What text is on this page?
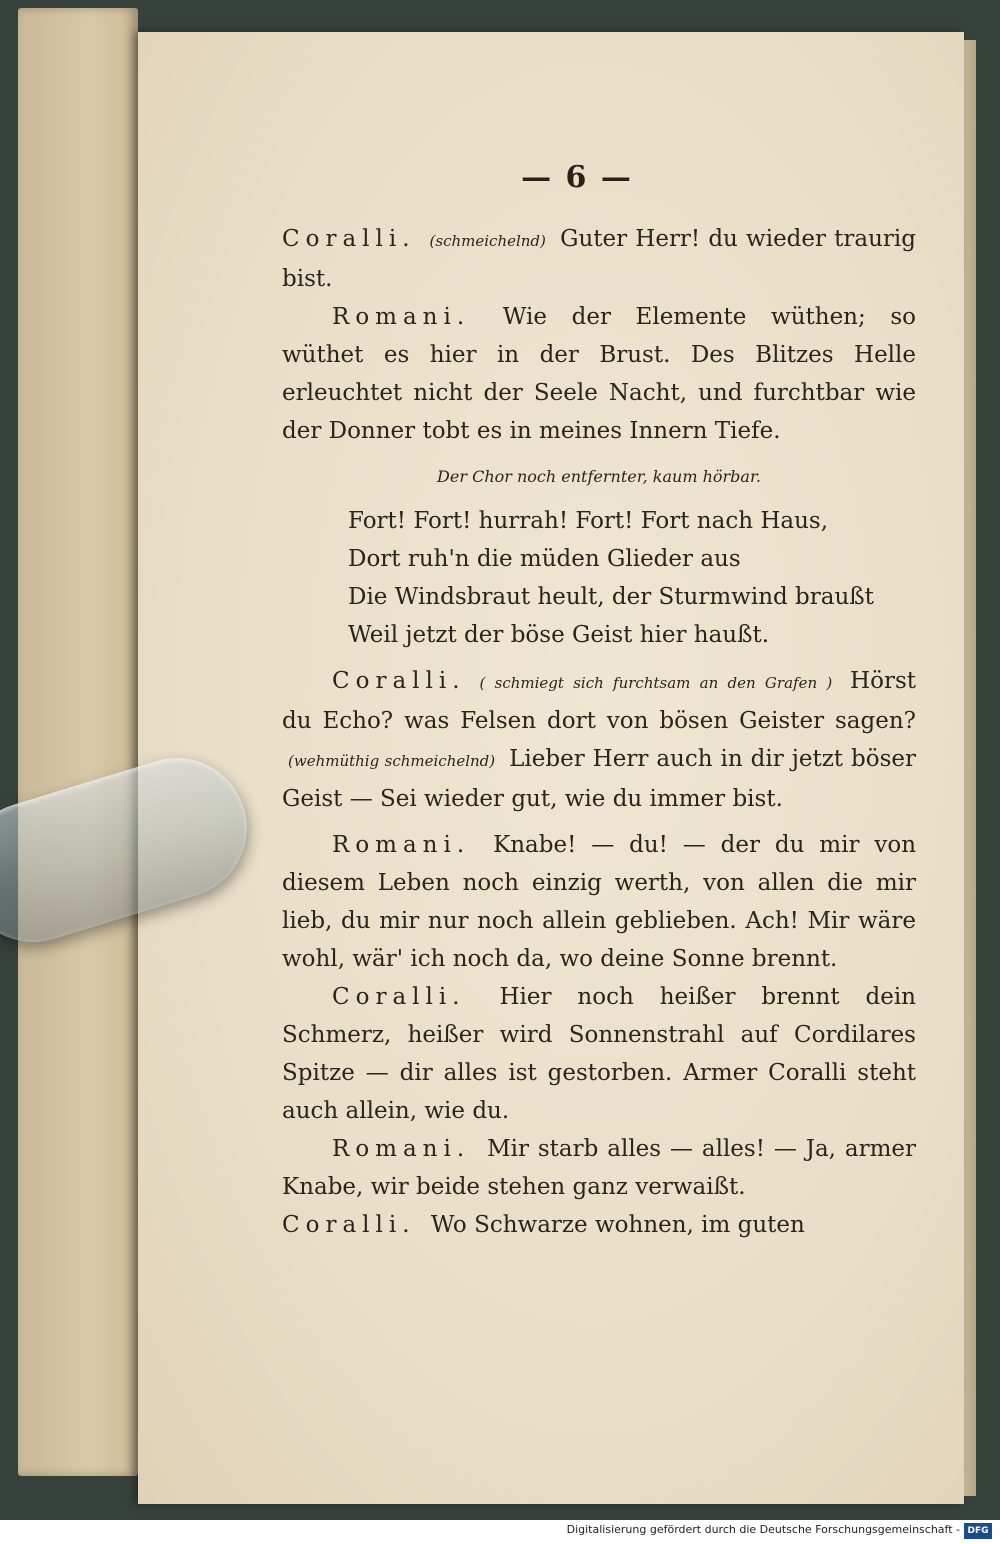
— 6 —

Coralli. (schmeichelnd) Guter Herr! du wieder traurig bist.

Romani. Wie der Elemente wüthen; so wüthet es hier in der Brust. Des Blitzes Helle erleuchtet nicht der Seele Nacht, und furchtbar wie der Donner tobt es in meines Innern Tiefe.

Der Chor noch entfernter, kaum hörbar.
Fort! Fort! hurrah! Fort! Fort nach Haus,
Dort ruh'n die müden Glieder aus
Die Windsbraut heult, der Sturmwind braußt
Weil jetzt der böse Geist hier haußt.

Coralli. ( schmiegt sich furchtsam an den Grafen ) Hörst du Echo? was Felsen dort von bösen Geister sagen? (wehmüthig schmeichelnd) Lieber Herr auch in dir jetzt böser Geist — Sei wieder gut, wie du immer bist.

Romani. Knabe! — du! — der du mir von diesem Leben noch einzig werth, von allen die mir lieb, du mir nur noch allein geblieben. Ach! Mir wäre wohl, wär' ich noch da, wo deine Sonne brennt.

Coralli. Hier noch heißer brennt dein Schmerz, heißer wird Sonnenstrahl auf Cordilares Spitze — dir alles ist gestorben. Armer Coralli steht auch allein, wie du.

Romani. Mir starb alles — alles! — Ja, armer Knabe, wir beide stehen ganz verwaißt.

Coralli. Wo Schwarze wohnen, im guten

Digitalisierung gefördert durch die Deutsche Forschungsgemeinschaft - DFG
